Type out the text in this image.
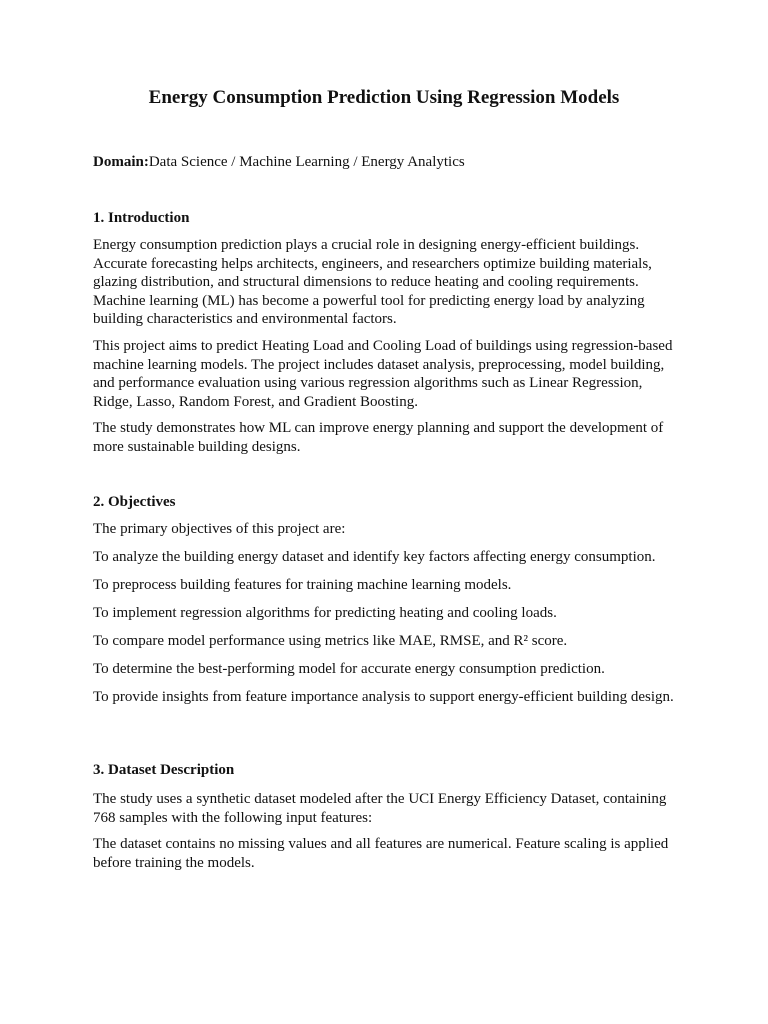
Energy Consumption Prediction Using Regression Models

Domain:Data Science / Machine Learning / Energy Analytics

1. Introduction

Energy consumption prediction plays a crucial role in designing energy-efficient buildings. Accurate forecasting helps architects, engineers, and researchers optimize building materials, glazing distribution, and structural dimensions to reduce heating and cooling requirements. Machine learning (ML) has become a powerful tool for predicting energy load by analyzing building characteristics and environmental factors.

This project aims to predict Heating Load and Cooling Load of buildings using regression-based machine learning models. The project includes dataset analysis, preprocessing, model building, and performance evaluation using various regression algorithms such as Linear Regression, Ridge, Lasso, Random Forest, and Gradient Boosting.

The study demonstrates how ML can improve energy planning and support the development of more sustainable building designs.

2. Objectives

The primary objectives of this project are:

To analyze the building energy dataset and identify key factors affecting energy consumption.

To preprocess building features for training machine learning models.

To implement regression algorithms for predicting heating and cooling loads.

To compare model performance using metrics like MAE, RMSE, and R² score.

To determine the best-performing model for accurate energy consumption prediction.

To provide insights from feature importance analysis to support energy-efficient building design.

3. Dataset Description

The study uses a synthetic dataset modeled after the UCI Energy Efficiency Dataset, containing 768 samples with the following input features:

The dataset contains no missing values and all features are numerical. Feature scaling is applied before training the models.
